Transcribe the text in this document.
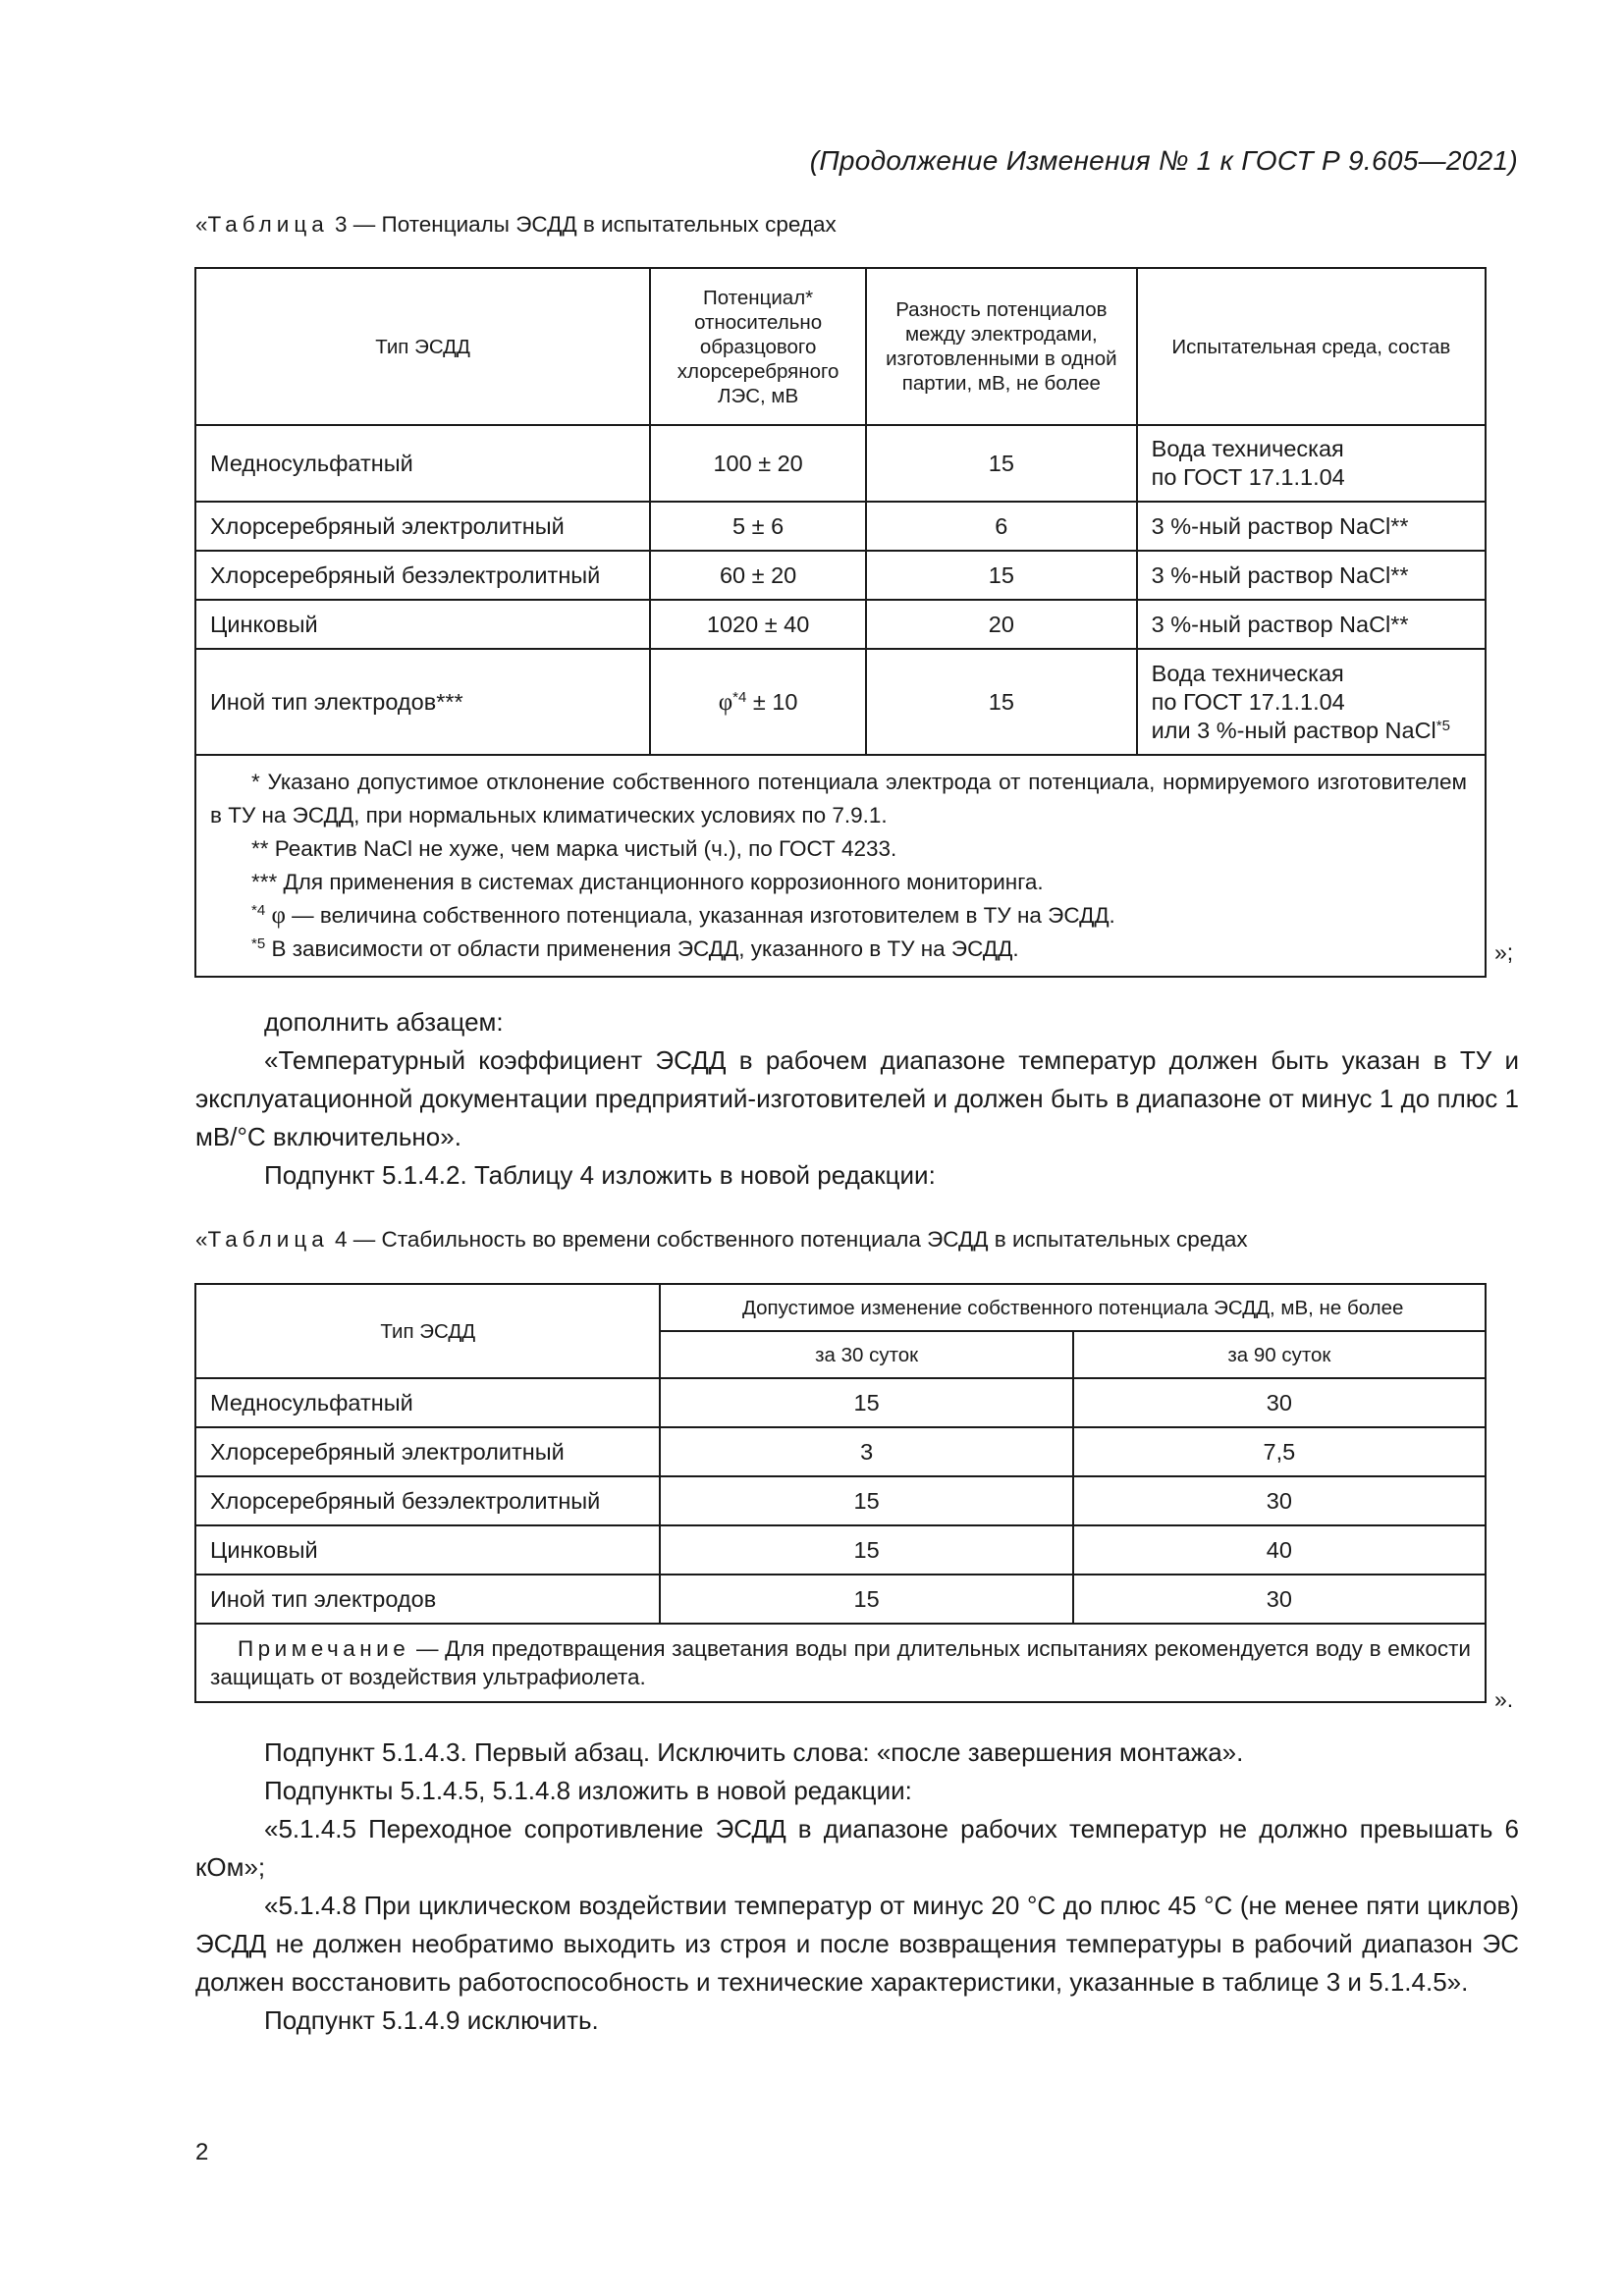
(Продолжение Изменения № 1 к ГОСТ Р 9.605—2021)
«Таблица 3 — Потенциалы ЭСДД в испытательных средах
Тип ЭСДД	Потенциал* относительно образцового хлорсеребряного ЛЭС, мВ	Разность потенциалов между электродами, изготовленными в одной партии, мВ, не более	Испытательная среда, состав
Медносульфатный	100 ± 20	15	Вода техническая
по ГОСТ 17.1.1.04

Хлорсеребряный электролитный	5 ± 6	6	3 %-ный раствор NaCl**
Хлорсеребряный безэлектролитный	60 ± 20	15	3 %-ный раствор NaCl**
Цинковый	1020 ± 40	20	3 %-ный раствор NaCl**
Иной тип электродов***	$\varphi^{*4} \pm 10$	15	Вода техническая
по ГОСТ 17.1.1.04
или 3 %-ный раствор NaCl$^{*5}$

* Указано допустимое отклонение собственного потенциала электрода от потенциала, нормируемого изготовителем в ТУ на ЭСДД, при нормальных климатических условиях по 7.9.1.

** Реактив NaCl не хуже, чем марка чистый (ч.), по ГОСТ 4233.

*** Для применения в системах дистанционного коррозионного мониторинга.

$^{*4}$ φ — величина собственного потенциала, указанная изготовителем в ТУ на ЭСДД.

$^{*5}$ В зависимости от области применения ЭСДД, указанного в ТУ на ЭСДД.				»;

дополнить абзацем:

«Температурный коэффициент ЭСДД в рабочем диапазоне температур должен быть указан в ТУ и эксплуатационной документации предприятий-изготовителей и должен быть в диапазоне от минус 1 до плюс 1 мВ/°С включительно».

Подпункт 5.1.4.2. Таблицу 4 изложить в новой редакции:

«Таблица 4 — Стабильность во времени собственного потенциала ЭСДД в испытательных средах
Тип ЭСДД	Допустимое изменение собственного потенциала ЭСДД, мВ, не более	
	за 30 суток	за 90 суток
Медносульфатный	15	30
Хлорсеребряный электролитный	3	7,5
Хлорсеребряный безэлектролитный	15	30
Цинковый	15	40
Иной тип электродов	15	30

Примечание — Для предотвращения зацветания воды при длительных испытаниях рекомендуется воду в емкости защищать от воздействия ультрафиолета.		
».

Подпункт 5.1.4.3. Первый абзац. Исключить слова: «после завершения монтажа».

Подпункты 5.1.4.5, 5.1.4.8 изложить в новой редакции:

«5.1.4.5 Переходное сопротивление ЭСДД в диапазоне рабочих температур не должно превышать 6 кОм»;

«5.1.4.8 При циклическом воздействии температур от минус 20 °С до плюс 45 °С (не менее пяти циклов) ЭСДД не должен необратимо выходить из строя и после возвращения температуры в рабочий диапазон ЭС должен восстановить работоспособность и технические характеристики, указанные в таблице 3 и 5.1.4.5».

Подпункт 5.1.4.9 исключить.

2
